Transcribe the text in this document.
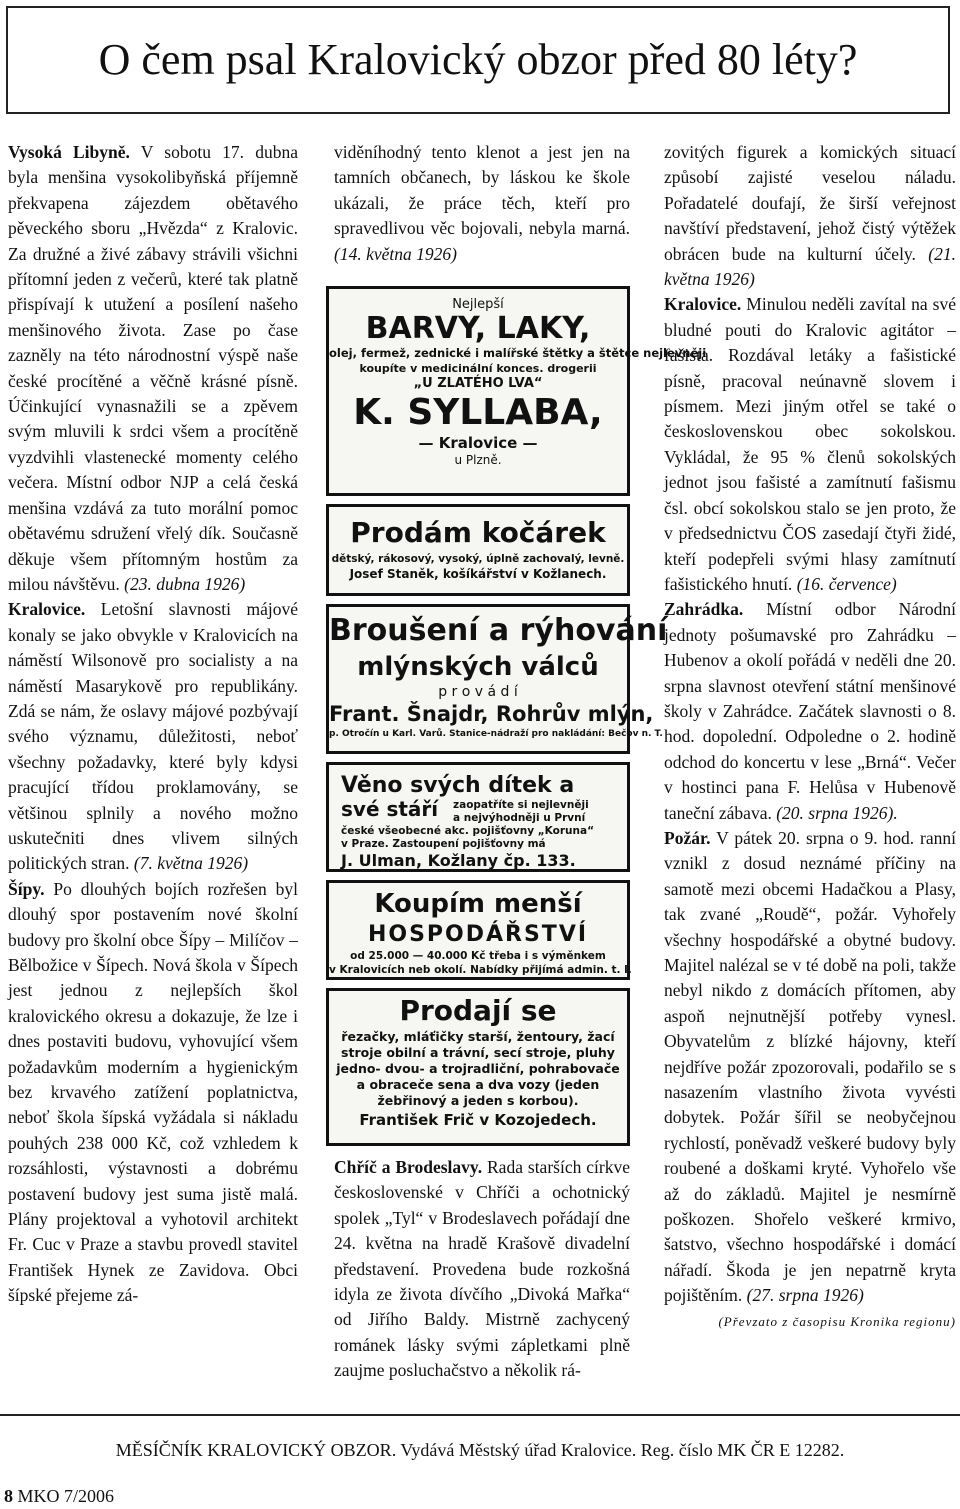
O čem psal Kralovický obzor před 80 léty?

Vysoká Libyně. V sobotu 17. dubna byla menšina vysokolibyňská příjemně překvapena zájezdem obětavého pěveckého sboru „Hvězda“ z Kralovic. Za družné a živé zábavy strávili všichni přítomní jeden z večerů, které tak platně přispívají k utužení a posílení našeho menšinového života. Zase po čase zazněly na této národnostní výspě naše české procítěné a věčně krásné písně. Účinkující vynasnažili se a zpěvem svým mluvili k srdci všem a procítěně vyzdvihli vlastenecké momenty celého večera. Místní odbor NJP a celá česká menšina vzdává za tuto morální pomoc obětavému sdružení vřelý dík. Současně děkuje všem přítomným hostům za milou návštěvu. (23. dubna 1926)

Kralovice. Letošní slavnosti májové konaly se jako obvykle v Kralovicích na náměstí Wilsonově pro socialisty a na náměstí Masarykově pro republikány. Zdá se nám, že oslavy májové pozbývají svého významu, důležitosti, neboť všechny požadavky, které byly kdysi pracující třídou proklamovány, se většinou splnily a nového možno uskutečniti dnes vlivem silných politických stran. (7. května 1926)

Šípy. Po dlouhých bojích rozřešen byl dlouhý spor postavením nové školní budovy pro školní obce Šípy – Milíčov – Bělbožice v Šípech. Nová škola v Šípech jest jednou z nejlepších škol kralovického okresu a dokazuje, že lze i dnes postaviti budovu, vyhovující všem požadavkům moderním a hygienickým bez krvavého zatížení poplatnictva, neboť škola šípská vyžádala si nákladu pouhých 238 000 Kč, což vzhledem k rozsáhlosti, výstavnosti a dobrému postavení budovy jest suma jistě malá. Plány projektoval a vyhotovil architekt Fr. Cuc v Praze a stavbu provedl stavitel František Hynek ze Zavidova. Obci šípské přejeme zá-

viděníhodný tento klenot a jest jen na tamních občanech, by láskou ke škole ukázali, že práce těch, kteří pro spravedlivou věc bojovali, nebyla marná. (14. května 1926)

Chříč a Brodeslavy. Rada starších církve československé v Chříči a ochotnický spolek „Tyl“ v Brodeslavech pořádají dne 24. května na hradě Krašově divadelní představení. Provedena bude rozkošná idyla ze života dívčího „Divoká Mařka“ od Jiřího Baldy. Mistrně zachycený románek lásky svými zápletkami plně zaujme posluchačstvo a několik rá-

Nejlepší
BARVY, LAKY,
olej, fermež, zednické i malířské štětky a štětce nejlevněji
koupíte v medicinální konces. drogerii
„U ZLATÉHO LVA“
K. SYLLABA,
— Kralovice —
u Plzně.
Prodám kočárek
dětský, rákosový, vysoký, úplně zachovalý, levně.
Josef Staněk, košíkářství v Kožlanech.
Broušení a rýhování
mlýnských válců
p r o v á d í
Frant. Šnajdr, Rohrův mlýn,
p. Otročín u Karl. Varů. Stanice-nádraží pro nakládání: Bečov n. T.
Věno svých dítek a
své stáří	zaopatříte si nejlevněji
a nejvýhodněji u První
české všeobecné akc. pojišťovny „Koruna“
v Praze. Zastoupení pojišťovny má
J. Ulman, Kožlany čp. 133.
Koupím menší
HOSPODÁŘSTVÍ
od 25.000 — 40.000 Kč třeba i s výměnkem
v Kralovicích neb okolí. Nabídky přijímá admin. t. l.
Prodají se
řezačky, mláťičky starší, žentoury, žací
stroje obilní a trávní, secí stroje, pluhy
jedno- dvou- a trojradliční, pohrabovače
a obraceče sena a dva vozy (jeden
žebřinový a jeden s korbou).
František Frič v Kozojedech.

zovitých figurek a komických situací způsobí zajisté veselou náladu. Pořadatelé doufají, že širší veřejnost navštíví představení, jehož čistý výtěžek obrácen bude na kulturní účely. (21. května 1926)

Kralovice. Minulou neděli zavítal na své bludné pouti do Kralovic agitátor – fašista. Rozdával letáky a fašistické písně, pracoval neúnavně slovem i písmem. Mezi jiným otřel se také o československou obec sokolskou. Vykládal, že 95 % členů sokolských jednot jsou fašisté a zamítnutí fašismu čsl. obcí sokolskou stalo se jen proto, že v předsednictvu ČOS zasedají čtyři židé, kteří podepřeli svými hlasy zamítnutí fašistického hnutí. (16. července)

Zahrádka. Místní odbor Národní jednoty pošumavské pro Zahrádku – Hubenov a okolí pořádá v neděli dne 20. srpna slavnost otevření státní menšinové školy v Zahrádce. Začátek slavnosti o 8. hod. dopolední. Odpoledne o 2. hodině odchod do koncertu v lese „Brná“. Večer v hostinci pana F. Helůsa v Hubenově taneční zábava. (20. srpna 1926).

Požár. V pátek 20. srpna o 9. hod. ranní vznikl z dosud neznámé příčiny na samotě mezi obcemi Hadačkou a Plasy, tak zvané „Roudě“, požár. Vyhořely všechny hospodářské a obytné budovy. Majitel nalézal se v té době na poli, takže nebyl nikdo z domácích přítomen, aby aspoň nejnutnější potřeby vynesl. Obyvatelům z blízké hájovny, kteří nejdříve požár zpozorovali, podařilo se s nasazením vlastního života vyvésti dobytek. Požár šířil se neobyčejnou rychlostí, poněvadž veškeré budovy byly roubené a doškami kryté. Vyhořelo vše až do základů. Majitel je nesmírně poškozen. Shořelo veškeré krmivo, šatstvo, všechno hospodářské i domácí nářadí. Škoda je jen nepatrně kryta pojištěním. (27. srpna 1926)

(Převzato z časopisu Kronika regionu)

MĚSÍČNÍK KRALOVICKÝ OBZOR. Vydává Městský úřad Kralovice. Reg. číslo MK ČR E 12282.
8 MKO 7/2006
